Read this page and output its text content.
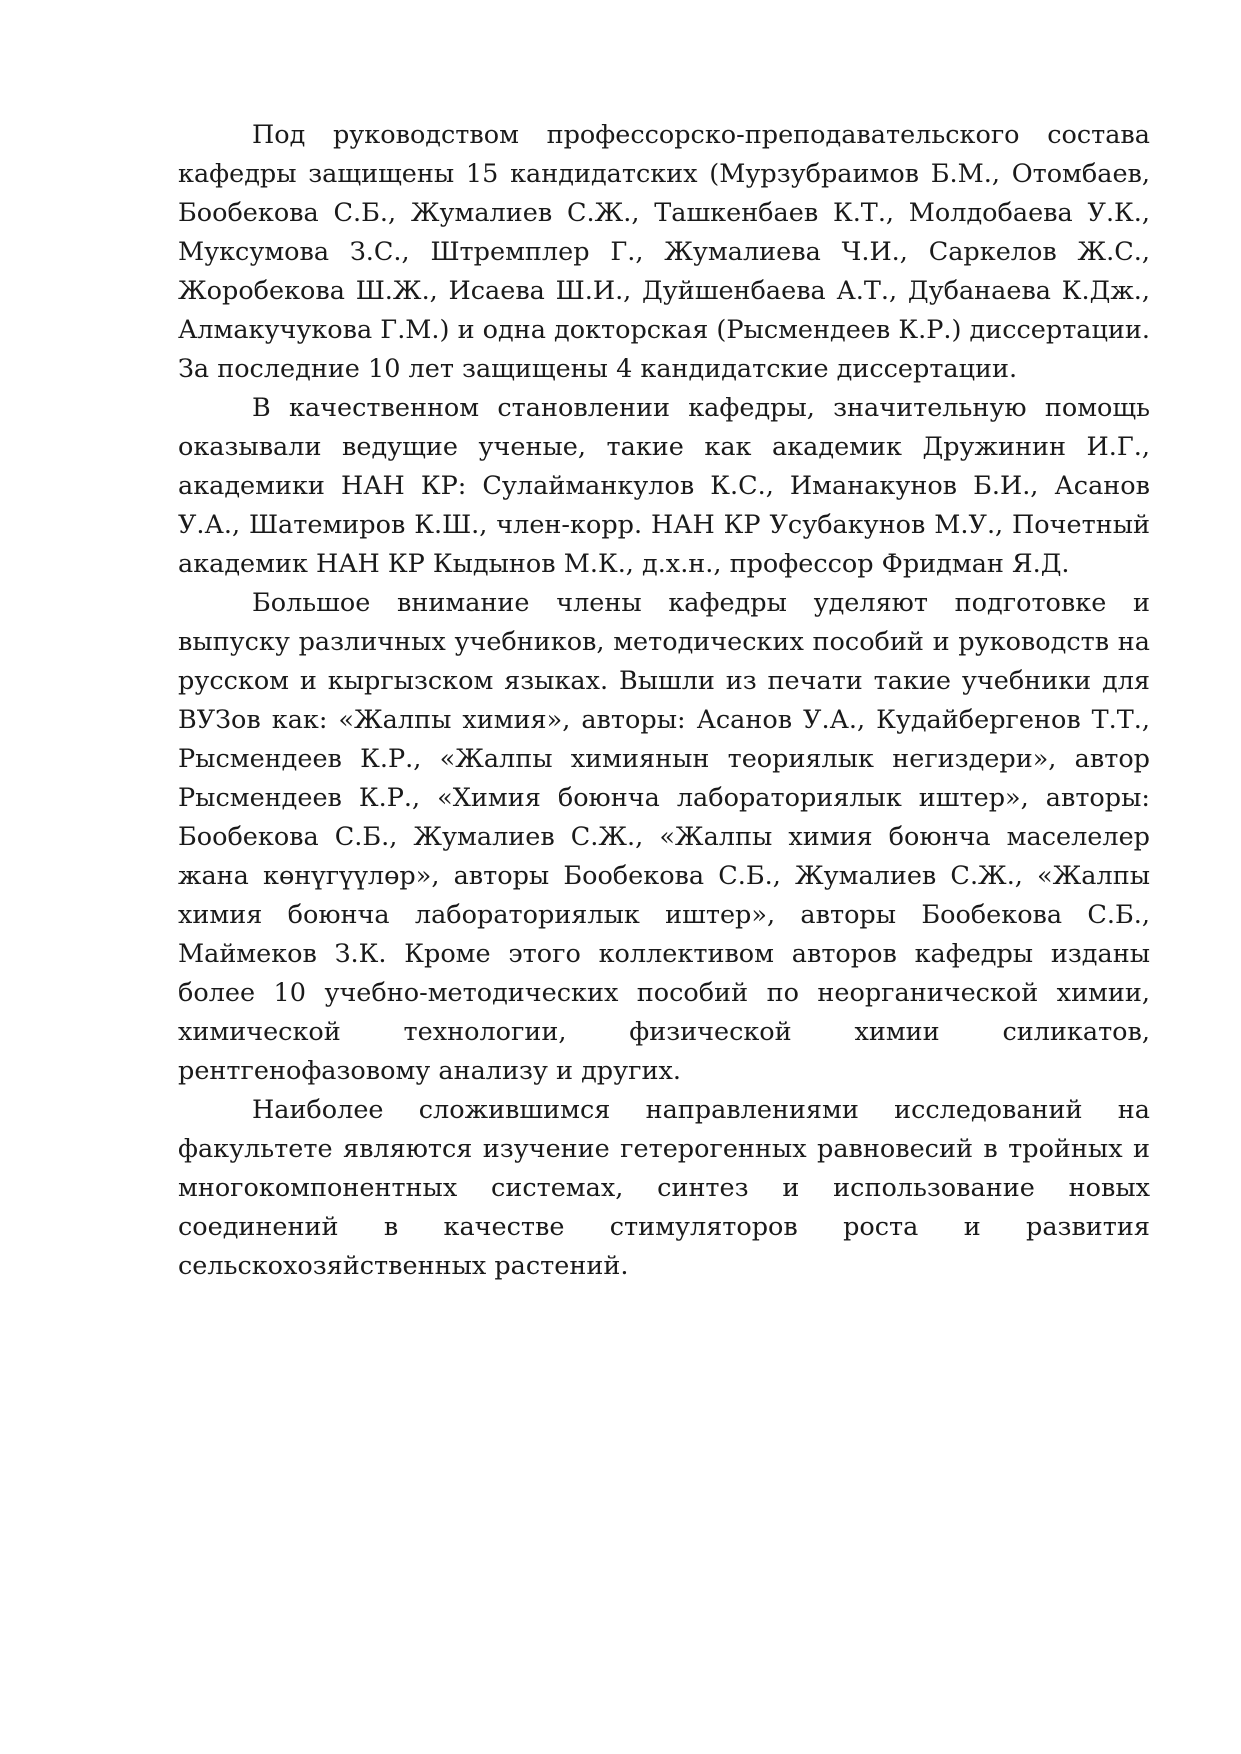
Под руководством профессорско-преподавательского состава кафедры защищены 15 кандидатских (Мурзубраимов Б.М., Отомбаев, Бообекова С.Б., Жумалиев С.Ж., Ташкенбаев К.Т., Молдобаева У.К., Муксумова З.С., Штремплер Г., Жумалиева Ч.И., Саркелов Ж.С., Жоробекова Ш.Ж., Исаева Ш.И., Дуйшенбаева А.Т., Дубанаева К.Дж., Алмакучукова Г.М.) и одна докторская (Рысмендеев К.Р.) диссертации. За последние 10 лет защищены 4 кандидатские диссертации.

В качественном становлении кафедры, значительную помощь оказывали ведущие ученые, такие как академик Дружинин И.Г., академики НАН КР: Сулайманкулов К.С., Иманакунов Б.И., Асанов У.А., Шатемиров К.Ш., член-корр. НАН КР Усубакунов М.У., Почетный академик НАН КР Кыдынов М.К., д.х.н., профессор Фридман Я.Д.

Большое внимание члены кафедры уделяют подготовке и выпуску различных учебников, методических пособий и руководств на русском и кыргызском языках. Вышли из печати такие учебники для ВУЗов как: «Жалпы химия», авторы: Асанов У.А., Кудайбергенов Т.Т., Рысмендеев К.Р., «Жалпы химиянын теориялык негиздери», автор Рысмендеев К.Р., «Химия боюнча лабораториялык иштер», авторы: Бообекова С.Б., Жумалиев С.Ж., «Жалпы химия боюнча маселелер жана көнүгүүлөр», авторы Бообекова С.Б., Жумалиев С.Ж., «Жалпы химия боюнча лабораториялык иштер», авторы Бообекова С.Б., Маймеков З.К. Кроме этого коллективом авторов кафедры изданы более 10 учебно-методических пособий по неорганической химии, химической технологии, физической химии силикатов, рентгенофазовому анализу и других.

Наиболее сложившимся направлениями исследований на факультете являются изучение гетерогенных равновесий в тройных и многокомпонентных системах, синтез и использование новых соединений в качестве стимуляторов роста и развития сельскохозяйственных растений.
